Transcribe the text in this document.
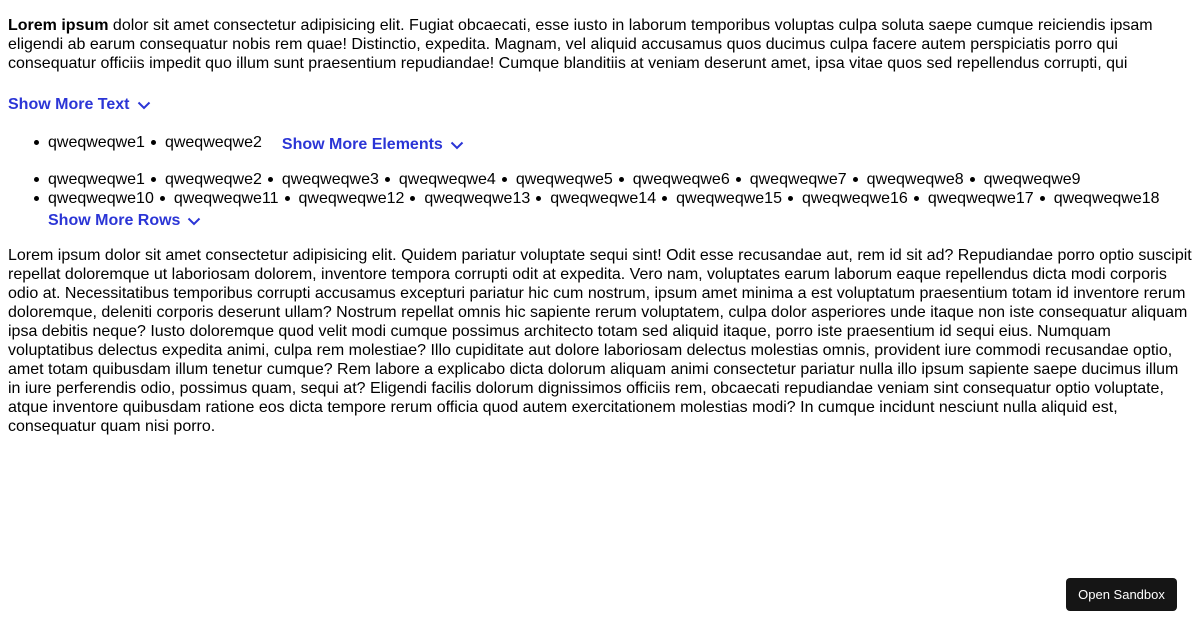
Lorem ipsum dolor sit amet consectetur adipisicing elit. Fugiat obcaecati, esse iusto in laborum temporibus voluptas culpa soluta saepe cumque reiciendis ipsam eligendi ab earum consequatur nobis rem quae! Distinctio, expedita. Magnam, vel aliquid accusamus quos ducimus culpa facere autem perspiciatis porro qui consequatur officiis impedit quo illum sunt praesentium repudiandae! Cumque blanditiis at veniam deserunt amet, ipsa vitae quos sed repellendus corrupti, qui

Show More Text
qweqweqwe1	qweqweqwe2 Show More Elements
qweqweqwe1	qweqweqwe2	qweqweqwe3	qweqweqwe4	qweqweqwe5	qweqweqwe6	qweqweqwe7	qweqweqwe8	qweqweqwe9
qweqweqwe10	qweqweqwe11	qweqweqwe12	qweqweqwe13	qweqweqwe14	qweqweqwe15	qweqweqwe16	qweqweqwe17	qweqweqwe18
Show More Rows

Lorem ipsum dolor sit amet consectetur adipisicing elit. Quidem pariatur voluptate sequi sint! Odit esse recusandae aut, rem id sit ad? Repudiandae porro optio suscipit repellat doloremque ut laboriosam dolorem, inventore tempora corrupti odit at expedita. Vero nam, voluptates earum laborum eaque repellendus dicta modi corporis odio at. Necessitatibus temporibus corrupti accusamus excepturi pariatur hic cum nostrum, ipsum amet minima a est voluptatum praesentium totam id inventore rerum doloremque, deleniti corporis deserunt ullam? Nostrum repellat omnis hic sapiente rerum voluptatem, culpa dolor asperiores unde itaque non iste consequatur aliquam ipsa debitis neque? Iusto doloremque quod velit modi cumque possimus architecto totam sed aliquid itaque, porro iste praesentium id sequi eius. Numquam voluptatibus delectus expedita animi, culpa rem molestiae? Illo cupiditate aut dolore laboriosam delectus molestias omnis, provident iure commodi recusandae optio, amet totam quibusdam illum tenetur cumque? Rem labore a explicabo dicta dolorum aliquam animi consectetur pariatur nulla illo ipsum sapiente saepe ducimus illum in iure perferendis odio, possimus quam, sequi at? Eligendi facilis dolorum dignissimos officiis rem, obcaecati repudiandae veniam sint consequatur optio voluptate, atque inventore quibusdam ratione eos dicta tempore rerum officia quod autem exercitationem molestias modi? In cumque incidunt nesciunt nulla aliquid est, consequatur quam nisi porro.

Open Sandbox
